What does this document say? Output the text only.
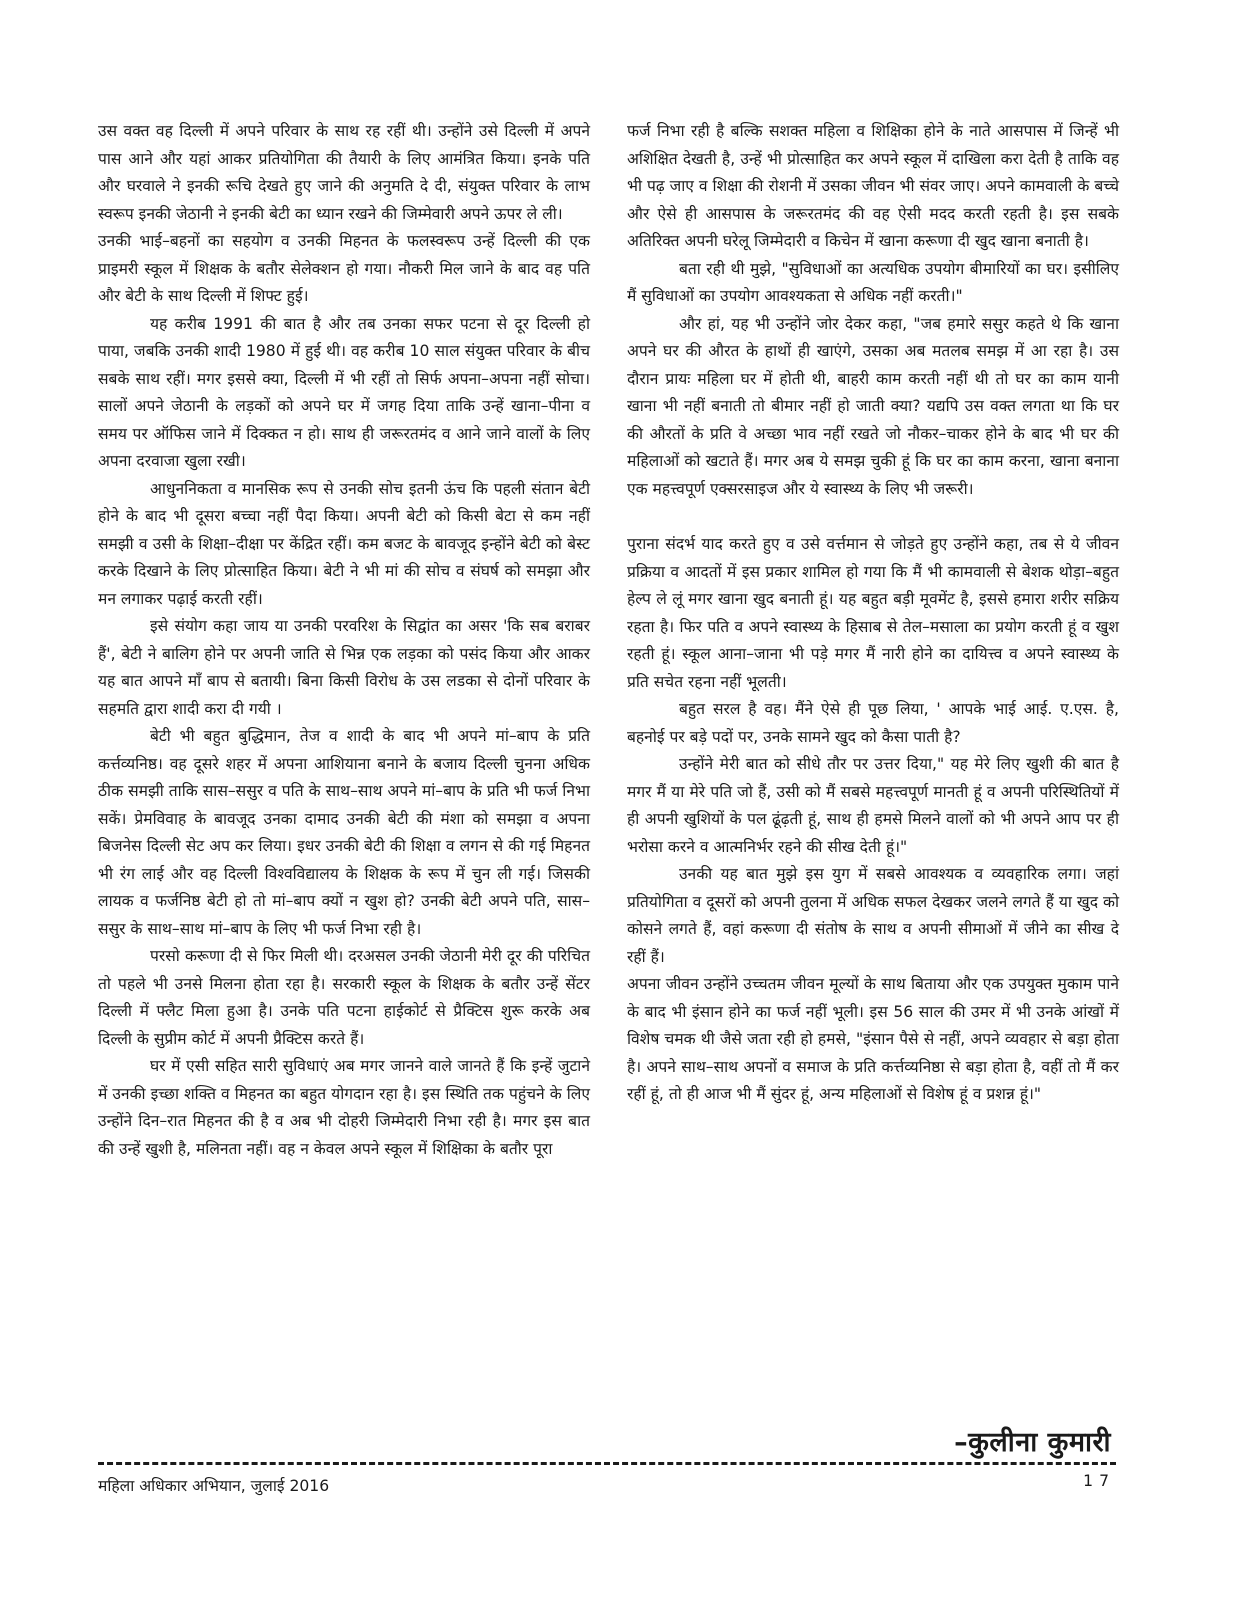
उस वक्त वह दिल्ली में अपने परिवार के साथ रह रहीं थी। उन्होंने उसे दिल्ली में अपने पास आने और यहां आकर प्रतियोगिता की तैयारी के लिए आमंत्रित किया। इनके पति और घरवाले ने इनकी रूचि देखते हुए जाने की अनुमति दे दी, संयुक्त परिवार के लाभ स्वरूप इनकी जेठानी ने इनकी बेटी का ध्यान रखने की जिम्मेवारी अपने ऊपर ले ली।

उनकी भाई–बहनों का सहयोग व उनकी मिहनत के फलस्वरूप उन्हें दिल्ली की एक प्राइमरी स्कूल में शिक्षक के बतौर सेलेक्शन हो गया। नौकरी मिल जाने के बाद वह पति और बेटी के साथ दिल्ली में शिफ्ट हुई।

यह करीब 1991 की बात है और तब उनका सफर पटना से दूर दिल्ली हो पाया, जबकि उनकी शादी 1980 में हुई थी। वह करीब 10 साल संयुक्त परिवार के बीच सबके साथ रहीं। मगर इससे क्या, दिल्ली में भी रहीं तो सिर्फ अपना–अपना नहीं सोचा। सालों अपने जेठानी के लड़कों को अपने घर में जगह दिया ताकि उन्हें खाना–पीना व समय पर ऑफिस जाने में दिक्कत न हो। साथ ही जरूरतमंद व आने जाने वालों के लिए अपना दरवाजा खुला रखी।

आधुननिकता व मानसिक रूप से उनकी सोच इतनी ऊंच कि पहली संतान बेटी होने के बाद भी दूसरा बच्चा नहीं पैदा किया। अपनी बेटी को किसी बेटा से कम नहीं समझी व उसी के शिक्षा–दीक्षा पर केंद्रित रहीं। कम बजट के बावजूद इन्होंने बेटी को बेस्ट करके दिखाने के लिए प्रोत्साहित किया। बेटी ने भी मां की सोच व संघर्ष को समझा और मन लगाकर पढ़ाई करती रहीं।

इसे संयोग कहा जाय या उनकी परवरिश के सिद्वांत का असर 'कि सब बराबर हैं', बेटी ने बालिग होने पर अपनी जाति से भिन्न एक लड़का को पसंद किया और आकर यह बात आपने माँ बाप से बतायी। बिना किसी विरोध के उस लडका से दोनों परिवार के सहमति द्वारा शादी करा दी गयी ।

बेटी भी बहुत बुद्धिमान, तेज व शादी के बाद भी अपने मां–बाप के प्रति कर्त्तव्यनिष्ठ। वह दूसरे शहर में अपना आशियाना बनाने के बजाय दिल्ली चुनना अधिक ठीक समझी ताकि सास–ससुर व पति के साथ–साथ अपने मां–बाप के प्रति भी फर्ज निभा सकें। प्रेमविवाह के बावजूद उनका दामाद उनकी बेटी की मंशा को समझा व अपना बिजनेस दिल्ली सेट अप कर लिया। इधर उनकी बेटी की शिक्षा व लगन से की गई मिहनत भी रंग लाई और वह दिल्ली विश्वविद्यालय के शिक्षक के रूप में चुन ली गई। जिसकी लायक व फर्जनिष्ठ बेटी हो तो मां–बाप क्यों न खुश हो? उनकी बेटी अपने पति, सास–ससुर के साथ–साथ मां–बाप के लिए भी फर्ज निभा रही है।

परसो करूणा दी से फिर मिली थी। दरअसल उनकी जेठानी मेरी दूर की परिचित तो पहले भी उनसे मिलना होता रहा है। सरकारी स्कूल के शिक्षक के बतौर उन्हें सेंटर दिल्ली में फ्लैट मिला हुआ है। उनके पति पटना हाईकोर्ट से प्रैक्टिस शुरू करके अब दिल्ली के सुप्रीम कोर्ट में अपनी प्रैक्टिस करते हैं।

घर में एसी सहित सारी सुविधाएं अब मगर जानने वाले जानते हैं कि इन्हें जुटाने में उनकी इच्छा शक्ति व मिहनत का बहुत योगदान रहा है। इस स्थिति तक पहुंचने के लिए उन्होंने दिन–रात मिहनत की है व अब भी दोहरी जिम्मेदारी निभा रही है। मगर इस बात की उन्हें खुशी है, मलिनता नहीं। वह न केवल अपने स्कूल में शिक्षिका के बतौर पूरा

फर्ज निभा रही है बल्कि सशक्त महिला व शिक्षिका होने के नाते आसपास में जिन्हें भी अशिक्षित देखती है, उन्हें भी प्रोत्साहित कर अपने स्कूल में दाखिला करा देती है ताकि वह भी पढ़ जाए व शिक्षा की रोशनी में उसका जीवन भी संवर जाए। अपने कामवाली के बच्चे और ऐसे ही आसपास के जरूरतमंद की वह ऐसी मदद करती रहती है। इस सबके अतिरिक्त अपनी घरेलू जिम्मेदारी व किचेन में खाना करूणा दी खुद खाना बनाती है।

बता रही थी मुझे, "सुविधाओं का अत्यधिक उपयोग बीमारियों का घर। इसीलिए मैं सुविधाओं का उपयोग आवश्यकता से अधिक नहीं करती।"

और हां, यह भी उन्होंने जोर देकर कहा, "जब हमारे ससुर कहते थे कि खाना अपने घर की औरत के हाथों ही खाएंगे, उसका अब मतलब समझ में आ रहा है। उस दौरान प्रायः महिला घर में होती थी, बाहरी काम करती नहीं थी तो घर का काम यानी खाना भी नहीं बनाती तो बीमार नहीं हो जाती क्या? यद्यपि उस वक्त लगता था कि घर की औरतों के प्रति वे अच्छा भाव नहीं रखते जो नौकर–चाकर होने के बाद भी घर की महिलाओं को खटाते हैं। मगर अब ये समझ चुकी हूं कि घर का काम करना, खाना बनाना एक महत्त्वपूर्ण एक्सरसाइज और ये स्वास्थ्य के लिए भी जरूरी।

पुराना संदर्भ याद करते हुए व उसे वर्त्तमान से जोड़ते हुए उन्होंने कहा, तब से ये जीवन प्रक्रिया व आदतों में इस प्रकार शामिल हो गया कि मैं भी कामवाली से बेशक थोड़ा–बहुत हेल्प ले लूं मगर खाना खुद बनाती हूं। यह बहुत बड़ी मूवमेंट है, इससे हमारा शरीर सक्रिय रहता है। फिर पति व अपने स्वास्थ्य के हिसाब से तेल–मसाला का प्रयोग करती हूं व खुश रहती हूं। स्कूल आना–जाना भी पड़े मगर मैं नारी होने का दायित्त्व व अपने स्वास्थ्य के प्रति सचेत रहना नहीं भूलती।

बहुत सरल है वह। मैंने ऐसे ही पूछ लिया, ' आपके भाई आई. ए.एस. है, बहनोई पर बड़े पदों पर, उनके सामने खुद को कैसा पाती है?

उन्होंने मेरी बात को सीधे तौर पर उत्तर दिया," यह मेरे लिए खुशी की बात है मगर मैं या मेरे पति जो हैं, उसी को मैं सबसे महत्त्वपूर्ण मानती हूं व अपनी परिस्थितियों में ही अपनी खुशियों के पल ढूंढ़ती हूं, साथ ही हमसे मिलने वालों को भी अपने आप पर ही भरोसा करने व आत्मनिर्भर रहने की सीख देती हूं।"

उनकी यह बात मुझे इस युग में सबसे आवश्यक व व्यवहारिक लगा। जहां प्रतियोगिता व दूसरों को अपनी तुलना में अधिक सफल देखकर जलने लगते हैं या खुद को कोसने लगते हैं, वहां करूणा दी संतोष के साथ व अपनी सीमाओं में जीने का सीख दे रहीं हैं।

अपना जीवन उन्होंने उच्चतम जीवन मूल्यों के साथ बिताया और एक उपयुक्त मुकाम पाने के बाद भी इंसान होने का फर्ज नहीं भूली। इस 56 साल की उमर में भी उनके आंखों में विशेष चमक थी जैसे जता रही हो हमसे, "इंसान पैसे से नहीं, अपने व्यवहार से बड़ा होता है। अपने साथ–साथ अपनों व समाज के प्रति कर्त्तव्यनिष्ठा से बड़ा होता है, वहीं तो मैं कर रहीं हूं, तो ही आज भी मैं सुंदर हूं, अन्य महिलाओं से विशेष हूं व प्रशन्न हूं।"

–कुलीना कुमारी
महिला अधिकार अभियान, जुलाई 2016	17
